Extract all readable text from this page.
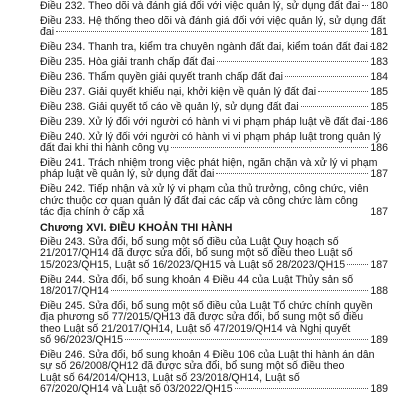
Điều 232. Theo dõi và đánh giá đối với việc quản lý, sử dụng đất đai 180
Điều 233. Hệ thống theo dõi và đánh giá đối với việc quản lý, sử dụng đất
đai	181
Điều 234. Thanh tra, kiểm tra chuyên ngành đất đai, kiểm toán đất đai 182
Điều 235. Hòa giải tranh chấp đất đai	183
Điều 236. Thẩm quyền giải quyết tranh chấp đất đai	184
Điều 237. Giải quyết khiếu nại, khởi kiện về quản lý đất đai	185
Điều 238. Giải quyết tố cáo về quản lý, sử dụng đất đai	185
Điều 239. Xử lý đối với người có hành vi vi phạm pháp luật về đất đai 186
Điều 240. Xử lý đối với người có hành vi vi phạm pháp luật trong quản lý
đất đai khi thi hành công vụ	186
Điều 241. Trách nhiệm trong việc phát hiện, ngăn chặn và xử lý vi phạm
pháp luật về quản lý, sử dụng đất đai	187
Điều 242. Tiếp nhận và xử lý vi phạm của thủ trưởng, công chức, viên
chức thuộc cơ quan quản lý đất đai các cấp và công chức làm công
tác địa chính ở cấp xã	187
Chương XVI. ĐIỀU KHOẢN THI HÀNH
Điều 243. Sửa đổi, bổ sung một số điều của Luật Quy hoạch số
21/2017/QH14 đã được sửa đổi, bổ sung một số điều theo Luật số
15/2023/QH15, Luật số 16/2023/QH15 và Luật số 28/2023/QH15	187
Điều 244. Sửa đổi, bổ sung khoản 4 Điều 44 của Luật Thủy sản số
18/2017/QH14	188
Điều 245. Sửa đổi, bổ sung một số điều của Luật Tổ chức chính quyền
địa phương số 77/2015/QH13 đã được sửa đổi, bổ sung một số điều
theo Luật số 21/2017/QH14, Luật số 47/2019/QH14 và Nghị quyết
số 96/2023/QH15	189
Điều 246. Sửa đổi, bổ sung khoản 4 Điều 106 của Luật thi hành án dân
sự số 26/2008/QH12 đã được sửa đổi, bổ sung một số điều theo
Luật số 64/2014/QH13, Luật số 23/2018/QH14, Luật số
67/2020/QH14 và Luật số 03/2022/QH15	189
